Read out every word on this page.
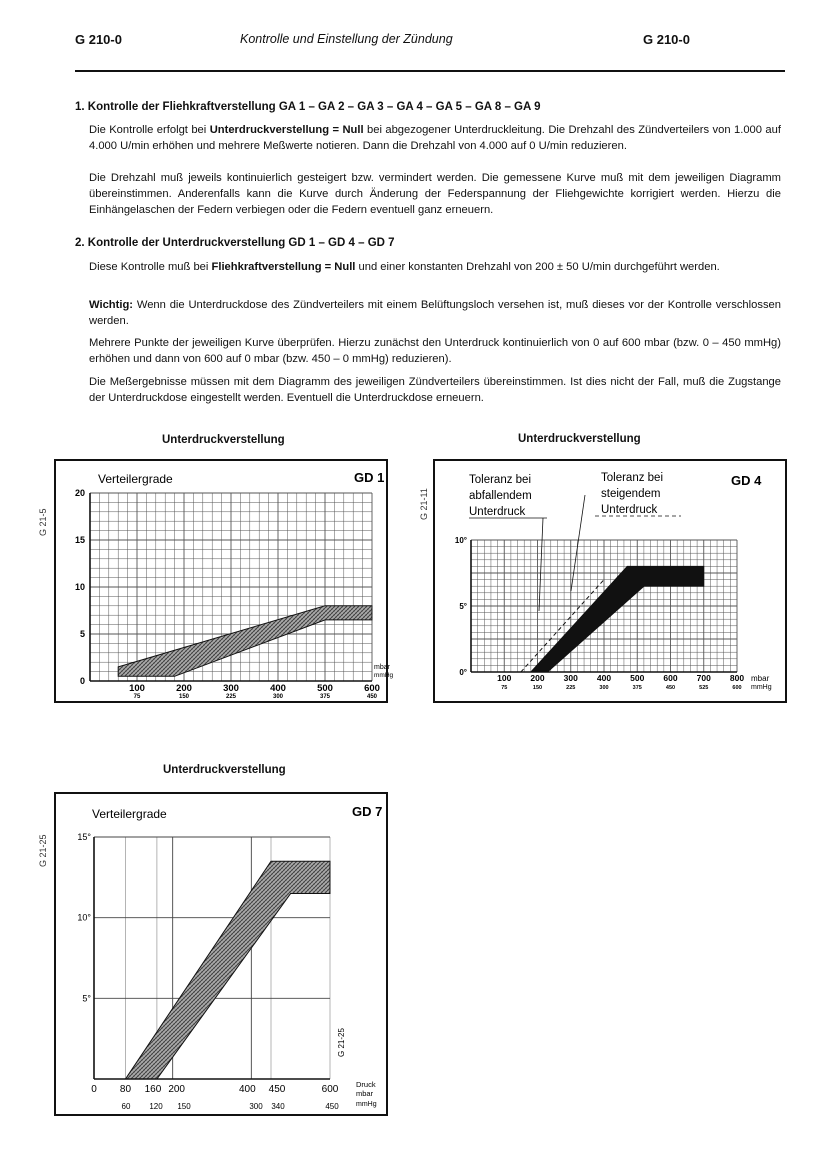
G 210-0	Kontrolle und Einstellung der Zündung	G 210-0
1. Kontrolle der Fliehkraftverstellung GA 1 – GA 2 – GA 3 – GA 4 – GA 5 – GA 8 – GA 9
Die Kontrolle erfolgt bei Unterdruckverstellung = Null bei abgezogener Unterdruckleitung. Die Drehzahl des Zündverteilers von 1.000 auf 4.000 U/min erhöhen und mehrere Meßwerte notieren. Dann die Drehzahl von 4.000 auf 0 U/min reduzieren.
Die Drehzahl muß jeweils kontinuierlich gesteigert bzw. vermindert werden. Die gemessene Kurve muß mit dem jeweiligen Diagramm übereinstimmen. Anderenfalls kann die Kurve durch Änderung der Federspannung der Fliehgewichte korrigiert werden. Hierzu die Einhängelaschen der Federn verbiegen oder die Federn eventuell ganz erneuern.
2. Kontrolle der Unterdruckverstellung GD 1 – GD 4 – GD 7
Diese Kontrolle muß bei Fliehkraftverstellung = Null und einer konstanten Drehzahl von 200 ± 50 U/min durchgeführt werden.
Wichtig: Wenn die Unterdruckdose des Zündverteilers mit einem Belüftungsloch versehen ist, muß dieses vor der Kontrolle verschlossen werden.
Mehrere Punkte der jeweiligen Kurve überprüfen. Hierzu zunächst den Unterdruck kontinuierlich von 0 auf 600 mbar (bzw. 0 – 450 mmHg) erhöhen und dann von 600 auf 0 mbar (bzw. 450 – 0 mmHg) reduzieren).
Die Meßergebnisse müssen mit dem Diagramm des jeweiligen Zündverteilers übereinstimmen. Ist dies nicht der Fall, muß die Zugstange der Unterdruckdose eingestellt werden. Eventuell die Unterdruckdose erneuern.
Unterdruckverstellung	Unterdruckverstellung
Unterdruckverstellung
G 21-5
G 21-11
G 21-25
Verteilergrade	GD 1
0
5
10
15
20
100	200	300	400	500	600
75	150	225	300	375	450
mbar
mmHg
GD 4
Toleranz bei
abfallendem
Unterdruck
Toleranz bei
steigendem
Unterdruck
0°
5°
10°
100 200 300 400 500 600 700 800
75	150	225	300	375	450	525	600
mbar
mmHg
Verteilergrade	GD 7
5°
10°
15°
0 80 160 200	400 450	600
60 120 150	300 340	450
Druck
mbar
mmHg
G 21-25
